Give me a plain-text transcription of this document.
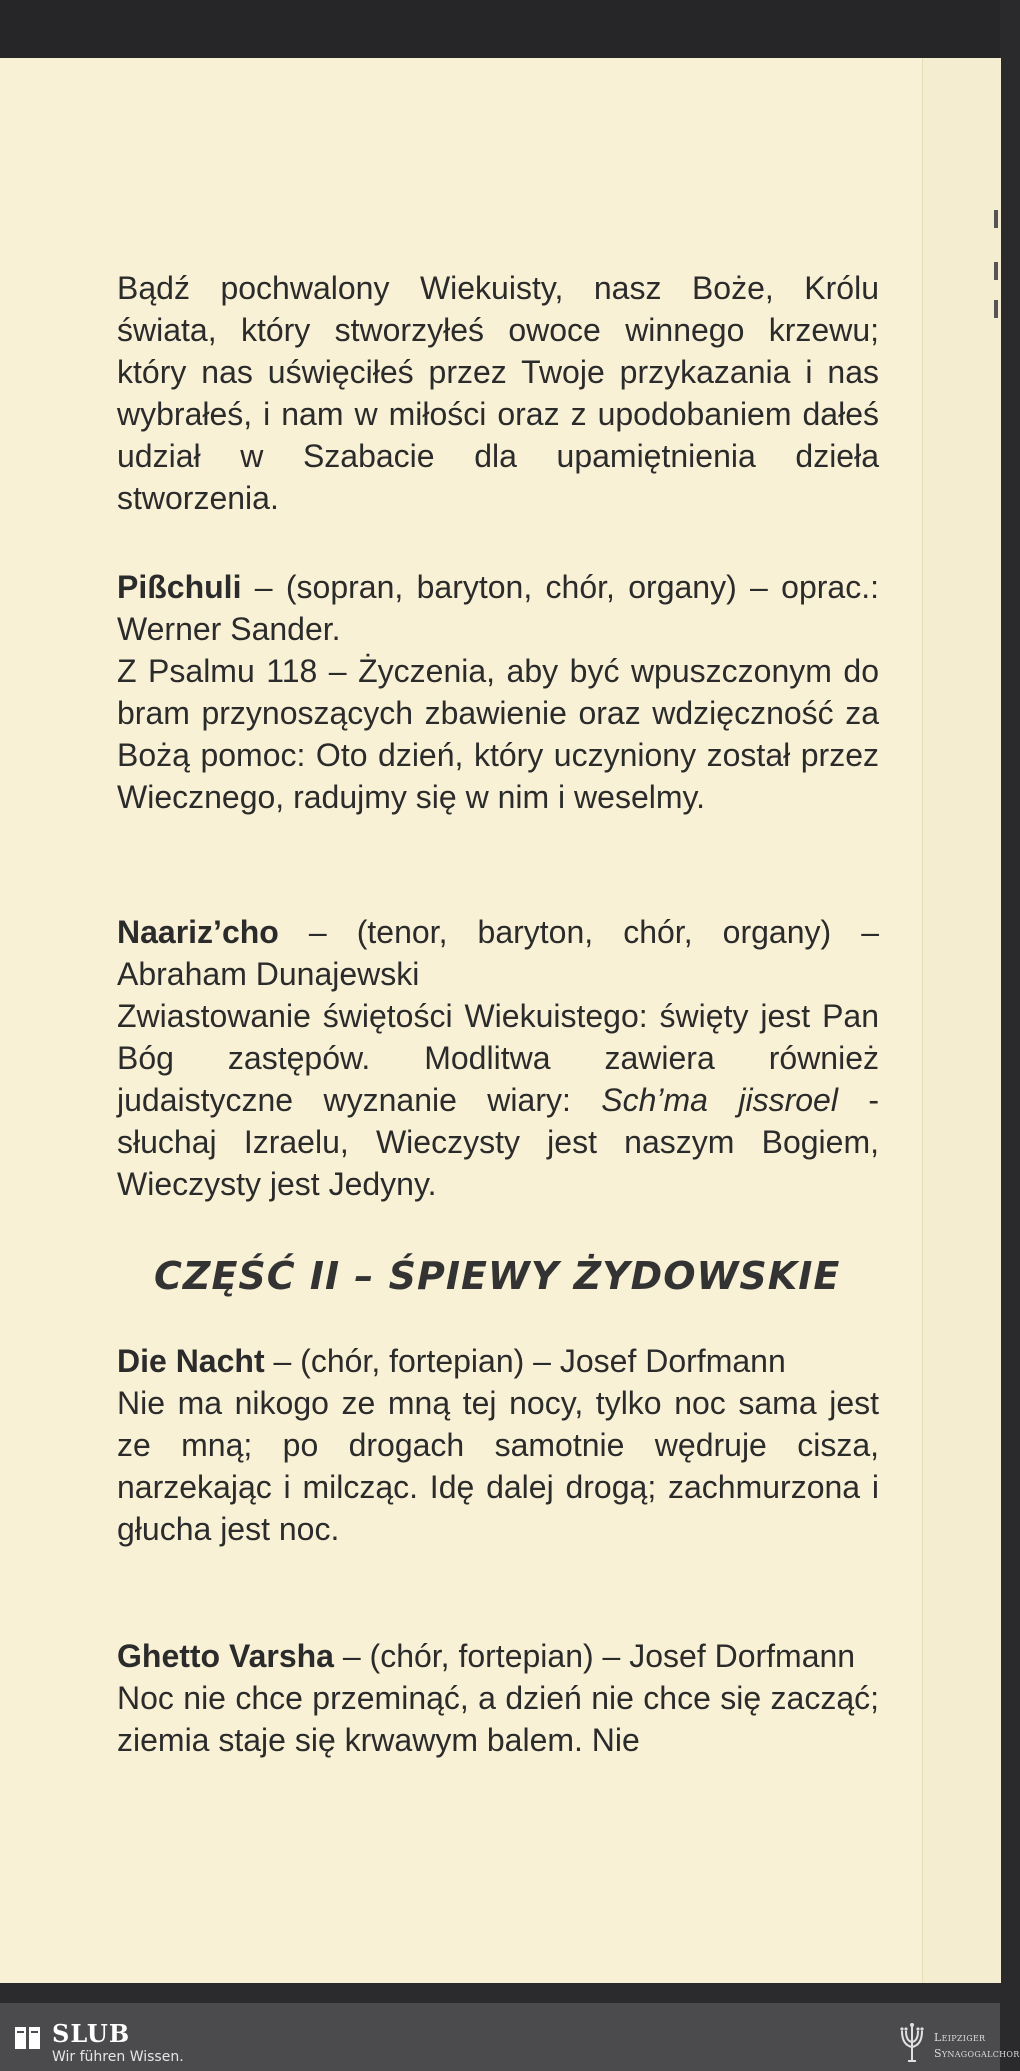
Bądź pochwalony Wiekuisty, nasz Boże, Królu świata, który stworzyłeś owoce winnego krzewu; który nas uświęciłeś przez Twoje przykazania i nas wybrałeś, i nam w miłości oraz z upodobaniem dałeś udział w Szabacie dla upamiętnienia dzieła stworzenia.
Pißchuli – (sopran, baryton, chór, organy) – oprac.: Werner Sander.
Z Psalmu 118 – Życzenia, aby być wpuszczonym do bram przynoszących zbawienie oraz wdzięczność za Bożą pomoc: Oto dzień, który uczyniony został przez Wiecznego, radujmy się w nim i weselmy.
Naariz’cho – (tenor, baryton, chór, organy) – Abraham Dunajewski
Zwiastowanie świętości Wiekuistego: święty jest Pan Bóg zastępów. Modlitwa zawiera również judaistyczne wyznanie wiary: Sch’ma jissroel - słuchaj Izraelu, Wieczysty jest naszym Bogiem, Wieczysty jest Jedyny.
CZĘŚĆ II – ŚPIEWY ŻYDOWSKIE
Die Nacht – (chór, fortepian) – Josef Dorfmann
Nie ma nikogo ze mną tej nocy, tylko noc sama jest ze mną; po drogach samotnie wędruje cisza, narzekając i milcząc. Idę dalej drogą; zachmurzona i głucha jest noc.
Ghetto Varsha – (chór, fortepian) – Josef Dorfmann
Noc nie chce przeminąć, a dzień nie chce się zacząć; ziemia staje się krwawym balem. Nie
SLUB
Wir führen Wissen.
Leipziger
Synagogalchor
